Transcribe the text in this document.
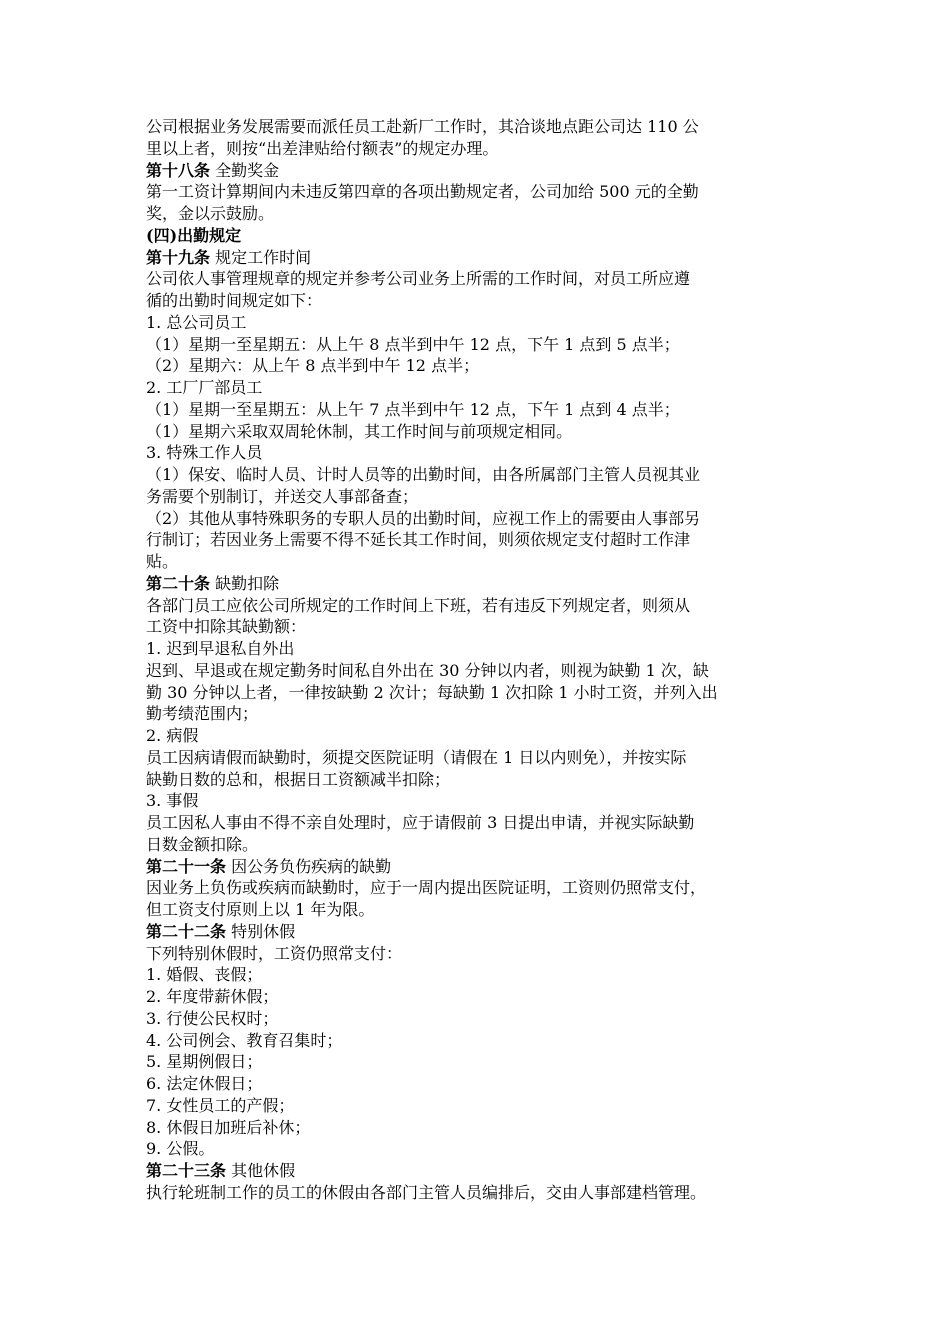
公司根据业务发展需要而派任员工赴新厂工作时，其洽谈地点距公司达 110 公
里以上者，则按“出差津贴给付额表”的规定办理。
第十八条 全勤奖金
第一工资计算期间内未违反第四章的各项出勤规定者，公司加给 500 元的全勤
奖，金以示鼓励。
(四)出勤规定
第十九条 规定工作时间
公司依人事管理规章的规定并参考公司业务上所需的工作时间，对员工所应遵
循的出勤时间规定如下：
1. 总公司员工
（1）星期一至星期五：从上午 8 点半到中午 12 点，下午 1 点到 5 点半；
（2）星期六：从上午 8 点半到中午 12 点半；
2. 工厂厂部员工
（1）星期一至星期五：从上午 7 点半到中午 12 点，下午 1 点到 4 点半；
（1）星期六采取双周轮休制，其工作时间与前项规定相同。
3. 特殊工作人员
（1）保安、临时人员、计时人员等的出勤时间，由各所属部门主管人员视其业
务需要个别制订，并送交人事部备查；
（2）其他从事特殊职务的专职人员的出勤时间，应视工作上的需要由人事部另
行制订；若因业务上需要不得不延长其工作时间，则须依规定支付超时工作津
贴。
第二十条 缺勤扣除
各部门员工应依公司所规定的工作时间上下班，若有违反下列规定者，则须从
工资中扣除其缺勤额：
1. 迟到早退私自外出
迟到、早退或在规定勤务时间私自外出在 30 分钟以内者，则视为缺勤 1 次，缺
勤 30 分钟以上者，一律按缺勤 2 次计；每缺勤 1 次扣除 1 小时工资，并列入出
勤考绩范围内；
2. 病假
员工因病请假而缺勤时，须提交医院证明（请假在 1 日以内则免），并按实际
缺勤日数的总和，根据日工资额减半扣除；
3. 事假
员工因私人事由不得不亲自处理时，应于请假前 3 日提出申请，并视实际缺勤
日数金额扣除。
第二十一条 因公务负伤疾病的缺勤
因业务上负伤或疾病而缺勤时，应于一周内提出医院证明，工资则仍照常支付，
但工资支付原则上以 1 年为限。
第二十二条 特别休假
下列特别休假时，工资仍照常支付：
1. 婚假、丧假；
2. 年度带薪休假；
3. 行使公民权时；
4. 公司例会、教育召集时；
5. 星期例假日；
6. 法定休假日；
7. 女性员工的产假；
8. 休假日加班后补休；
9. 公假。
第二十三条 其他休假
执行轮班制工作的员工的休假由各部门主管人员编排后，交由人事部建档管理。
